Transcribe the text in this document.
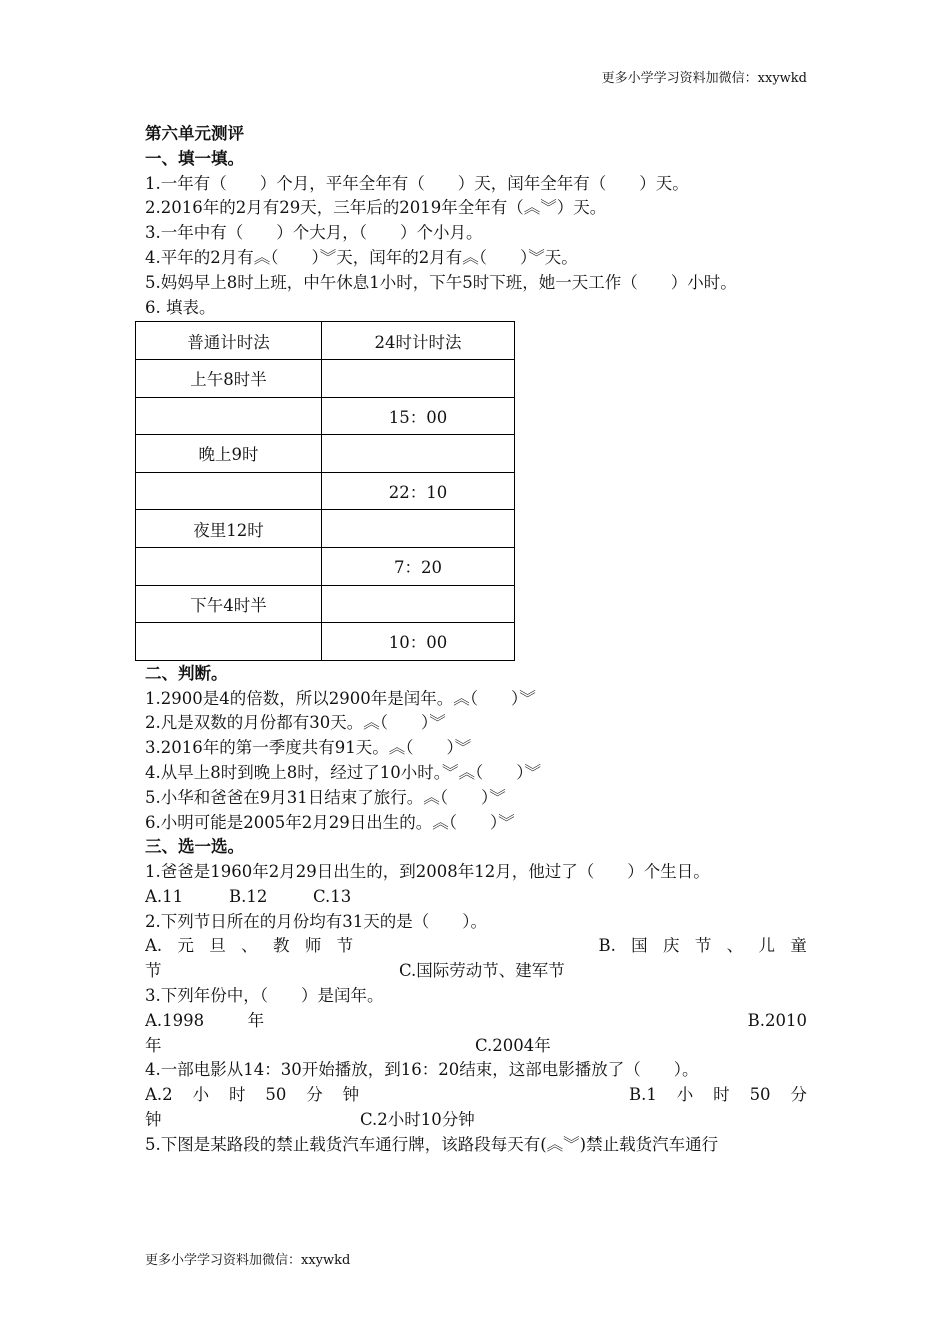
更多小学学习资料加微信：xxywkd
第六单元测评
一、填一填。
1.一年有（　　）个月，平年全年有（　　）天，闰年全年有（　　）天。
2.2016年的2月有29天，三年后的2019年全年有（︽︾）天。
3.一年中有（　　）个大月，（　　）个小月。
4.平年的2月有︽（　　）︾天，闰年的2月有︽（　　）︾天。
5.妈妈早上8时上班，中午休息1小时，下午5时下班，她一天工作（　　）小时。
6. 填表。
普通计时法	24时计时法
上午8时半	
	15：00
晚上9时	
	22：10
夜里12时	
	7：20
下午4时半	
	10：00
二、判断。
1.2900是4的倍数，所以2900年是闰年。︽（　　）︾
2.凡是双数的月份都有30天。︽（　　）︾
3.2016年的第一季度共有91天。︽（　　）︾
4.从早上8时到晚上8时，经过了10小时。︾︽（　　）︾
5.小华和爸爸在9月31日结束了旅行。︽（　　）︾
6.小明可能是2005年2月29日出生的。︽（　　）︾
三、选一选。
1.爸爸是1960年2月29日出生的，到2008年12月，他过了（　　）个生日。
A.11	B.12	C.13
2.下列节日所在的月份均有31天的是（　　）。
A. 元 旦 、 教 师 节	B. 国 庆 节 、 儿 童
节	C.国际劳动节、建军节
3.下列年份中，（　　）是闰年。
A.1998	年	B.2010
年	C.2004年
4.一部电影从14：30开始播放，到16：20结束，这部电影播放了（　　）。
A.2 小 时 50 分 钟	B.1 小 时 50 分
钟	C.2小时10分钟
5.下图是某路段的禁止载货汽车通行牌，该路段每天有(︽︾)禁止载货汽车通行
更多小学学习资料加微信：xxywkd
